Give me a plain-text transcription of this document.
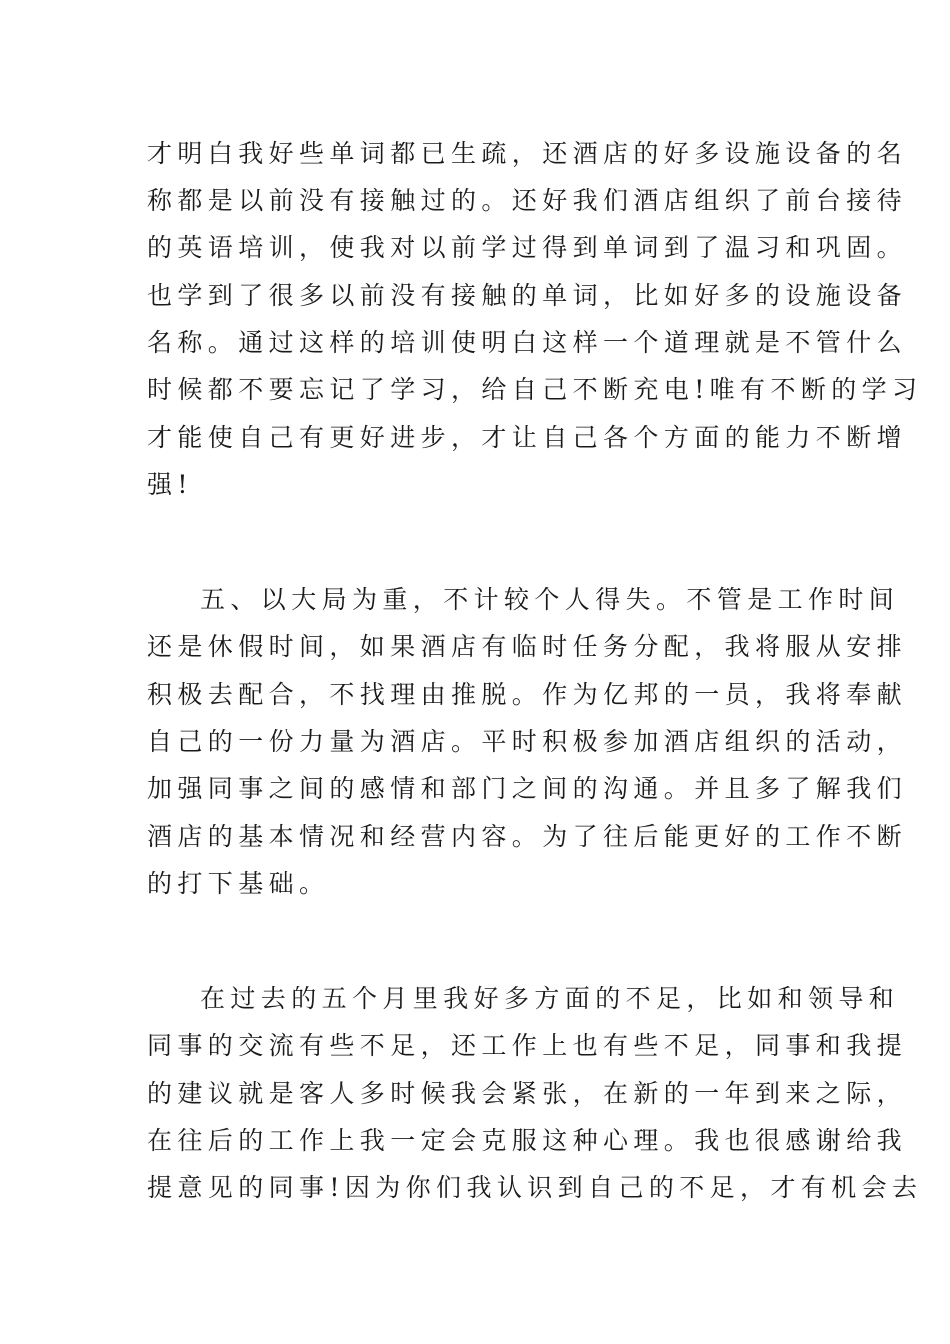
才明白我好些单词都已生疏，还酒店的好多设施设备的名
称都是以前没有接触过的。还好我们酒店组织了前台接待
的英语培训，使我对以前学过得到单词到了温习和巩固。
也学到了很多以前没有接触的单词，比如好多的设施设备
名称。通过这样的培训使明白这样一个道理就是不管什么
时候都不要忘记了学习，给自己不断充电!唯有不断的学习
才能使自己有更好进步，才让自己各个方面的能力不断增
强!
五、以大局为重，不计较个人得失。不管是工作时间
还是休假时间，如果酒店有临时任务分配，我将服从安排
积极去配合，不找理由推脱。作为亿邦的一员，我将奉献
自己的一份力量为酒店。平时积极参加酒店组织的活动，
加强同事之间的感情和部门之间的沟通。并且多了解我们
酒店的基本情况和经营内容。为了往后能更好的工作不断
的打下基础。
在过去的五个月里我好多方面的不足，比如和领导和
同事的交流有些不足，还工作上也有些不足，同事和我提
的建议就是客人多时候我会紧张，在新的一年到来之际，
在往后的工作上我一定会克服这种心理。我也很感谢给我
提意见的同事!因为你们我认识到自己的不足，才有机会去
